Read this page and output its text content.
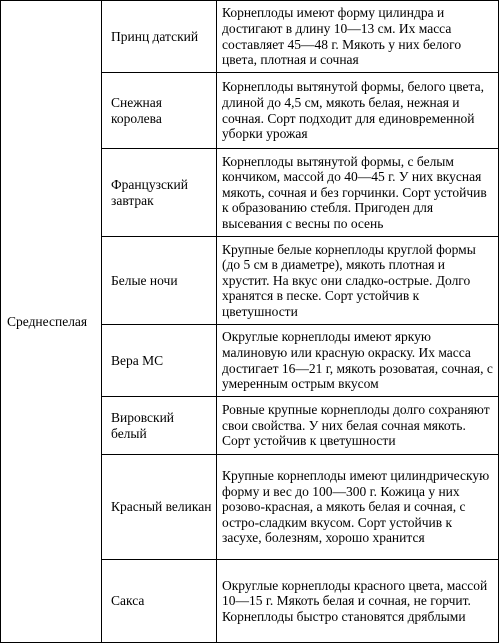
Среднеспелая	Принц датский	Корнеплоды имеют форму цилиндра и достигают в длину 10—13 см. Их масса составляет 45—48 г. Мякоть у них белого цвета, плотная и сочная
	Снежная королева	Корнеплоды вытянутой формы, белого цвета, длиной до 4,5 см, мякоть белая, нежная и сочная. Сорт подходит для единовременной уборки урожая
	Французский завтрак	Корнеплоды вытянутой формы, с белым кончиком, массой до 40—45 г. У них вкусная мякоть, сочная и без горчинки. Сорт устойчив к образованию стебля. Пригоден для высевания с весны по осень
	Белые ночи	Крупные белые корнеплоды круглой формы (до 5 см в диаметре), мякоть плотная и хрустит. На вкус они сладко-острые. Долго хранятся в песке. Сорт устойчив к цветушности
	Вера МС	Округлые корнеплоды имеют яркую малиновую или красную окраску. Их масса достигает 16—21 г, мякоть розоватая, сочная, с умеренным острым вкусом
	Вировский белый	Ровные крупные корнеплоды долго сохраняют свои свойства. У них белая сочная мякоть. Сорт устойчив к цветушности
	Красный великан	Крупные корнеплоды имеют цилиндрическую форму и вес до 100—300 г. Кожица у них розово-красная, а мякоть белая и сочная, с остро-сладким вкусом. Сорт устойчив к засухе, болезням, хорошо хранится
	Сакса	Округлые корнеплоды красного цвета, массой 10—15 г. Мякоть белая и сочная, не горчит. Корнеплоды быстро становятся дряблыми
